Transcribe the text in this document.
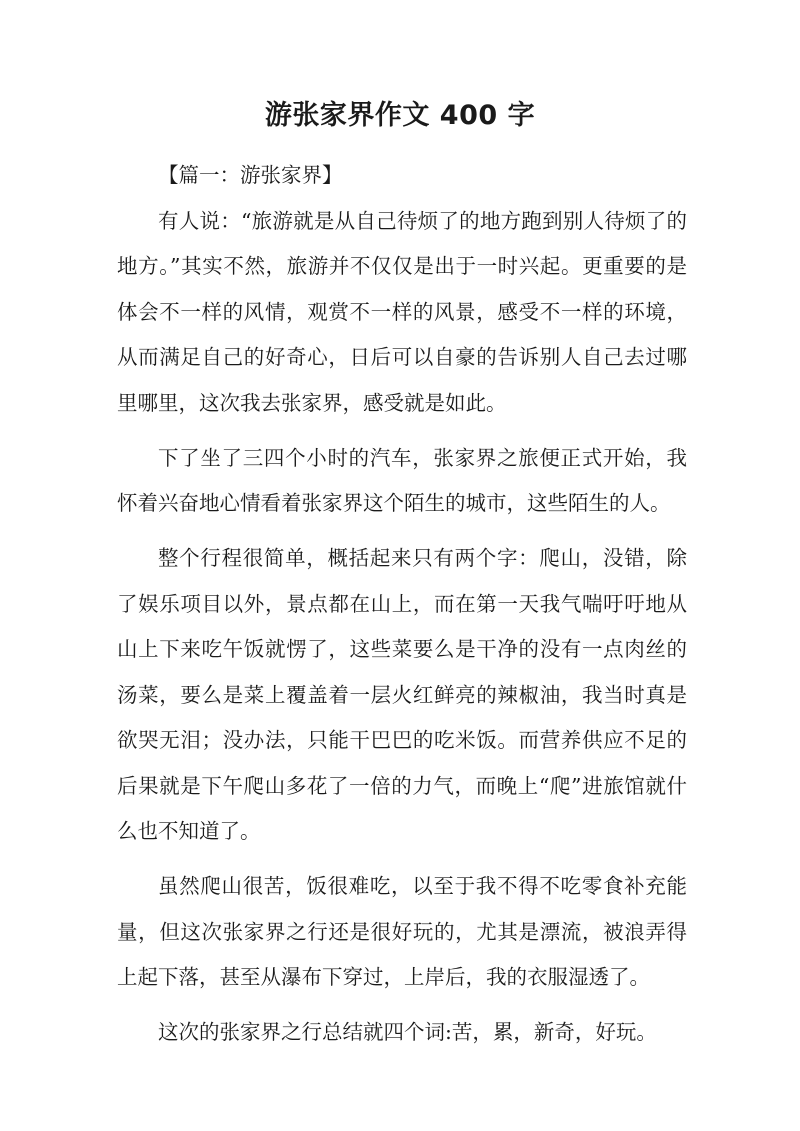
游张家界作文 400 字

【篇一：游张家界】

有人说：“旅游就是从自己待烦了的地方跑到别人待烦了的地方。”其实不然，旅游并不仅仅是出于一时兴起。更重要的是体会不一样的风情，观赏不一样的风景，感受不一样的环境，从而满足自己的好奇心，日后可以自豪的告诉别人自己去过哪里哪里，这次我去张家界，感受就是如此。

下了坐了三四个小时的汽车，张家界之旅便正式开始，我怀着兴奋地心情看着张家界这个陌生的城市，这些陌生的人。

整个行程很简单，概括起来只有两个字：爬山，没错，除了娱乐项目以外，景点都在山上，而在第一天我气喘吁吁地从山上下来吃午饭就愣了，这些菜要么是干净的没有一点肉丝的汤菜，要么是菜上覆盖着一层火红鲜亮的辣椒油，我当时真是欲哭无泪；没办法，只能干巴巴的吃米饭。而营养供应不足的后果就是下午爬山多花了一倍的力气，而晚上“爬”进旅馆就什么也不知道了。

虽然爬山很苦，饭很难吃，以至于我不得不吃零食补充能量，但这次张家界之行还是很好玩的，尤其是漂流，被浪弄得上起下落，甚至从瀑布下穿过，上岸后，我的衣服湿透了。

这次的张家界之行总结就四个词:苦，累，新奇，好玩。
